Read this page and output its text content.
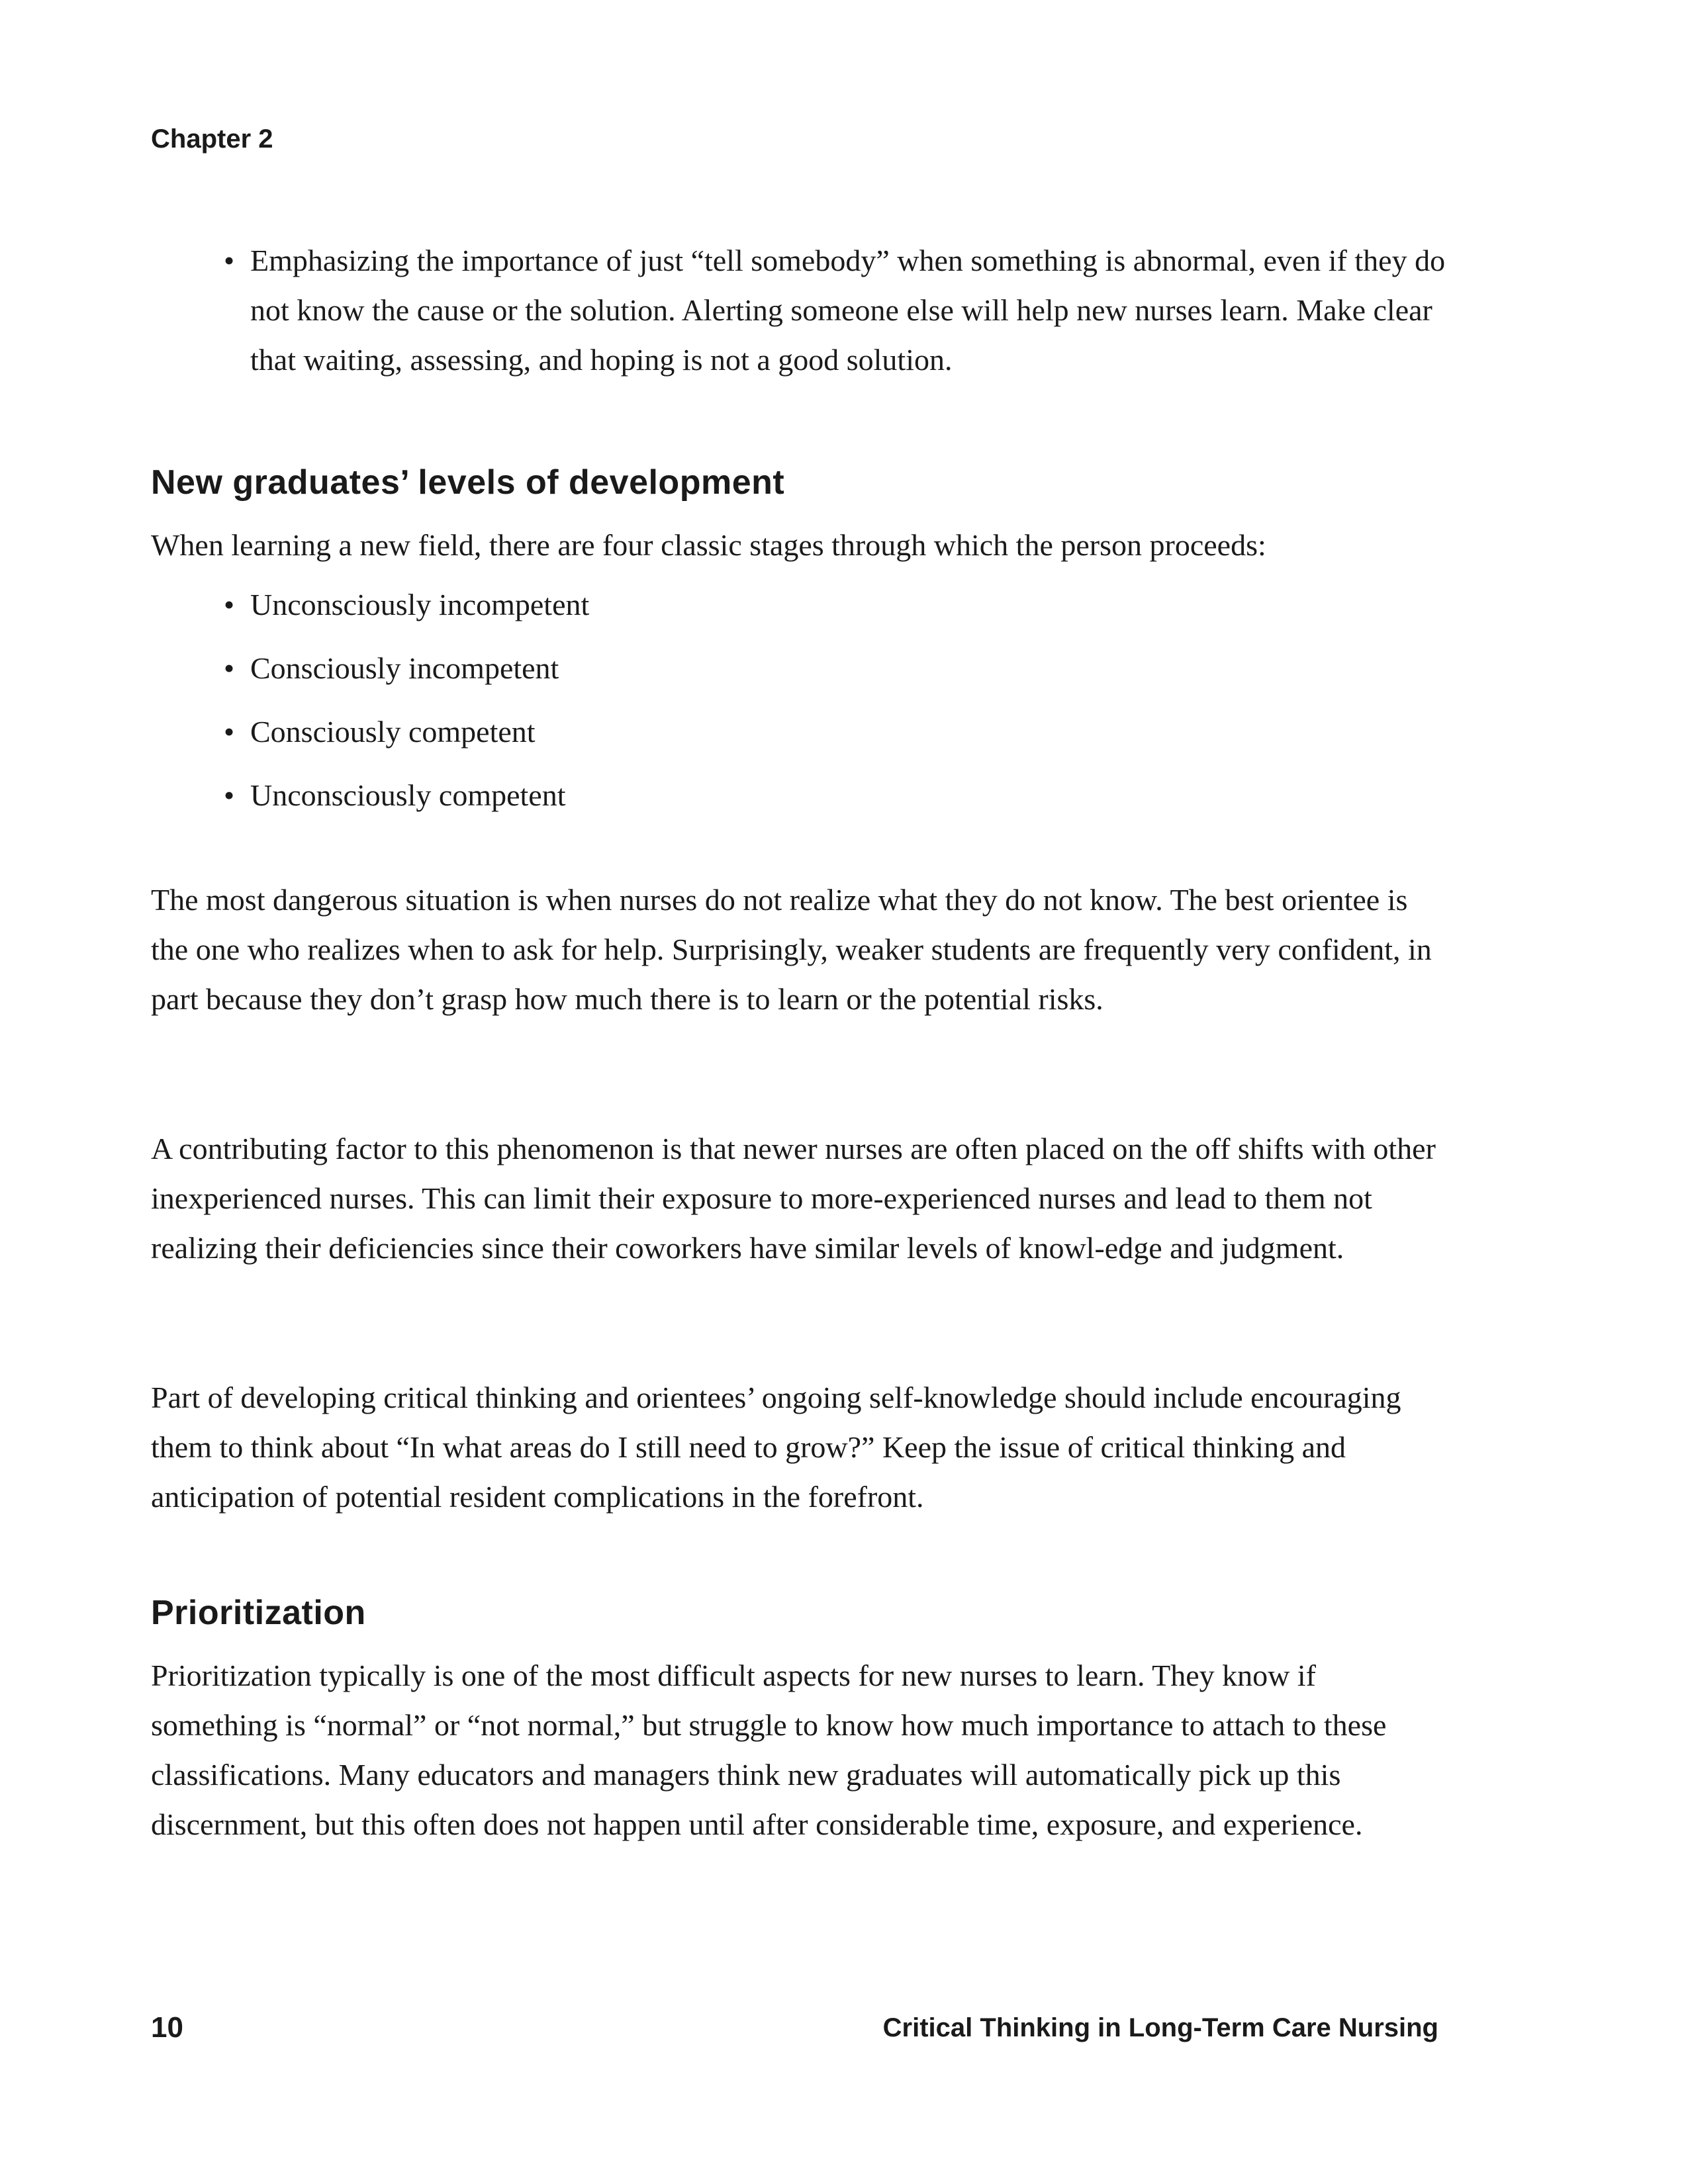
Chapter 2
• Emphasizing the importance of just “tell somebody” when something is abnormal, even if they do not know the cause or the solution. Alerting someone else will help new nurses learn. Make clear that waiting, assessing, and hoping is not a good solution.
New graduates’ levels of development

When learning a new field, there are four classic stages through which the person proceeds:

• Unconsciously incompetent
• Consciously incompetent
• Consciously competent
• Unconsciously competent

The most dangerous situation is when nurses do not realize what they do not know. The best orientee is the one who realizes when to ask for help. Surprisingly, weaker students are frequently very confident, in part because they don’t grasp how much there is to learn or the potential risks.

A contributing factor to this phenomenon is that newer nurses are often placed on the off shifts with other inexperienced nurses. This can limit their exposure to more-experienced nurses and lead to them not realizing their deficiencies since their coworkers have similar levels of knowl-edge and judgment.

Part of developing critical thinking and orientees’ ongoing self-knowledge should include encouraging them to think about “In what areas do I still need to grow?” Keep the issue of critical thinking and anticipation of potential resident complications in the forefront.

Prioritization

Prioritization typically is one of the most difficult aspects for new nurses to learn. They know if something is “normal” or “not normal,” but struggle to know how much importance to attach to these classifications. Many educators and managers think new graduates will automatically pick up this discernment, but this often does not happen until after considerable time, exposure, and experience.

10	Critical Thinking in Long-Term Care Nursing
